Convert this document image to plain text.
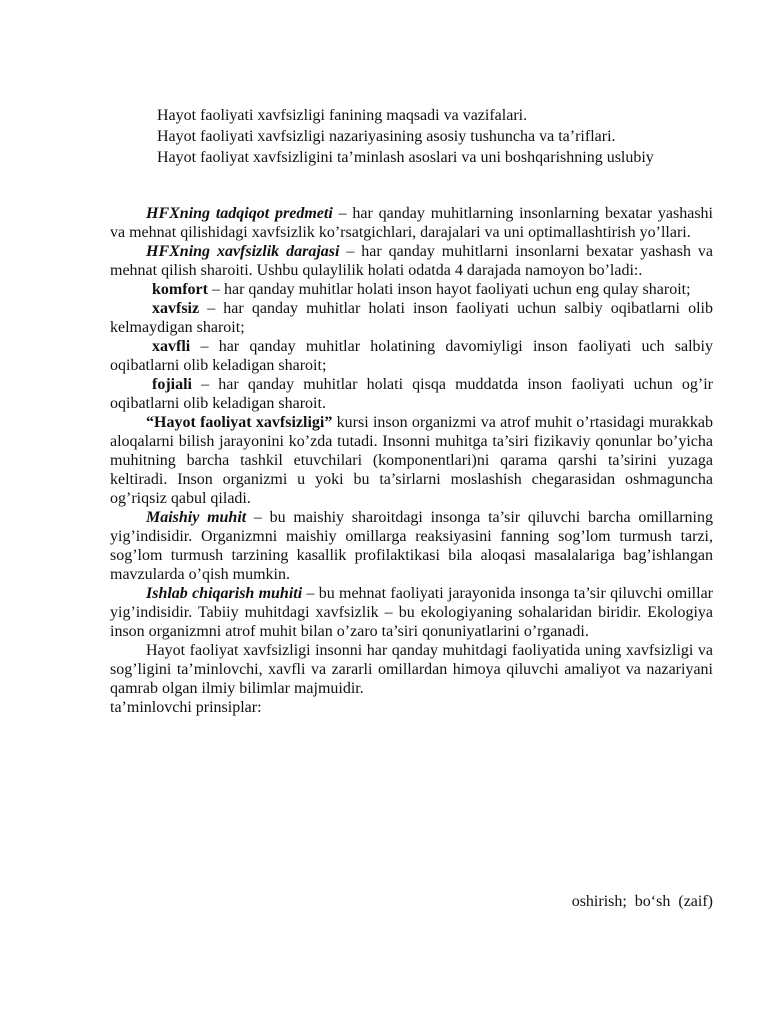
Hayot faoliyati xavfsizligi fanining maqsadi va vazifalari.
Hayot faoliyati xavfsizligi nazariyasining asosiy tushuncha va ta’riflari.
Hayot faoliyat xavfsizligini ta’minlash asoslari va uni boshqarishning uslubiy

HFXning tadqiqot predmeti – har qanday muhitlarning insonlarning bexatar yashashi va mehnat qilishidagi xavfsizlik ko’rsatgichlari, darajalari va uni optimallashtirish yo’llari.

HFXning xavfsizlik darajasi – har qanday muhitlarni insonlarni bexatar yashash va mehnat qilish sharoiti. Ushbu qulaylilik holati odatda 4 darajada namoyon bo’ladi:.

komfort – har qanday muhitlar holati inson hayot faoliyati uchun eng qulay sharoit;

xavfsiz – har qanday muhitlar holati inson faoliyati uchun salbiy oqibatlarni olib kelmaydigan sharoit;

xavfli – har qanday muhitlar holatining davomiyligi inson faoliyati uch salbiy oqibatlarni olib keladigan sharoit;

fojiali – har qanday muhitlar holati qisqa muddatda inson faoliyati uchun og’ir oqibatlarni olib keladigan sharoit.

“Hayot faoliyat xavfsizligi” kursi inson organizmi va atrof muhit o’rtasidagi murakkab aloqalarni bilish jarayonini ko’zda tutadi. Insonni muhitga ta’siri fizikaviy qonunlar bo’yicha muhitning barcha tashkil etuvchilari (komponentlari)ni qarama qarshi ta’sirini yuzaga keltiradi. Inson organizmi u yoki bu ta’sirlarni moslashish chegarasidan oshmaguncha og’riqsiz qabul qiladi.

Maishiy muhit – bu maishiy sharoitdagi insonga ta’sir qiluvchi barcha omillarning yig’indisidir. Organizmni maishiy omillarga reaksiyasini fanning sog’lom turmush tarzi, sog’lom turmush tarzining kasallik profilaktikasi bila aloqasi masalalariga bag’ishlangan mavzularda o’qish mumkin.

Ishlab chiqarish muhiti – bu mehnat faoliyati jarayonida insonga ta’sir qiluvchi omillar yig’indisidir. Tabiiy muhitdagi xavfsizlik – bu ekologiyaning sohalaridan biridir. Ekologiya inson organizmni atrof muhit bilan o’zaro ta’siri qonuniyatlarini o’rganadi.

Hayot faoliyat xavfsizligi insonni har qanday muhitdagi faoliyatida uning xavfsizligi va sog’ligini ta’minlovchi, xavfli va zararli omillardan himoya qiluvchi amaliyot va nazariyani qamrab olgan ilmiy bilimlar majmuidir.

ta’minlovchi prinsiplar:

oshirish;  bo‘sh  (zaif)
